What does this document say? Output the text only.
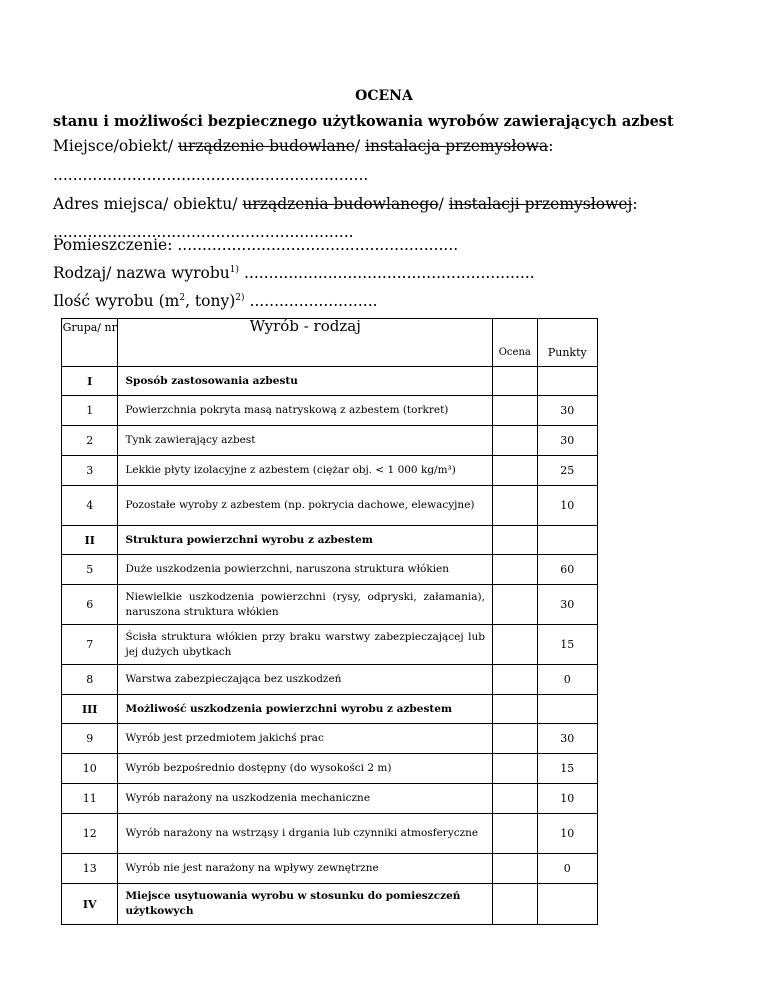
OCENA
stanu i możliwości bezpiecznego użytkowania wyrobów zawierających azbest
Miejsce/obiekt/ urządzenie budowlane/ instalacja przemysłowa:
................................................................
Adres miejsca/ obiektu/ urządzenia budowlanego/ instalacji przemysłowej:
.............................................................
Pomieszczenie: .........................................................
Rodzaj/ nazwa wyrobu$^{1)}$ ...........................................................
Ilość wyrobu ($m^2$, tony)$^{2)}$ ..........................
Grupa/ nr	Wyrób - rodzaj	Ocena	Punkty
I	Sposób zastosowania azbestu		
1	Powierzchnia pokryta masą natryskową z azbestem (torkret)		30
2	Tynk zawierający azbest		30
3	Lekkie płyty izolacyjne z azbestem (ciężar obj. < 1 000 kg/m³)		25
4	Pozostałe wyroby z azbestem (np. pokrycia dachowe, elewacyjne)		10
II	Struktura powierzchni wyrobu z azbestem		
5	Duże uszkodzenia powierzchni, naruszona struktura włókien		60
6	Niewielkie uszkodzenia powierzchni (rysy, odpryski, załamania), naruszona struktura włókien		30
7	Ścisła struktura włókien przy braku warstwy zabezpieczającej lub jej dużych ubytkach		15
8	Warstwa zabezpieczająca bez uszkodzeń		0
III	Możliwość uszkodzenia powierzchni wyrobu z azbestem		
9	Wyrób jest przedmiotem jakichś prac		30
10	Wyrób bezpośrednio dostępny (do wysokości 2 m)		15
11	Wyrób narażony na uszkodzenia mechaniczne		10
12	Wyrób narażony na wstrząsy i drgania lub czynniki atmosferyczne		10
13	Wyrób nie jest narażony na wpływy zewnętrzne		0
IV	Miejsce usytuowania wyrobu w stosunku do pomieszczeń użytkowych		
